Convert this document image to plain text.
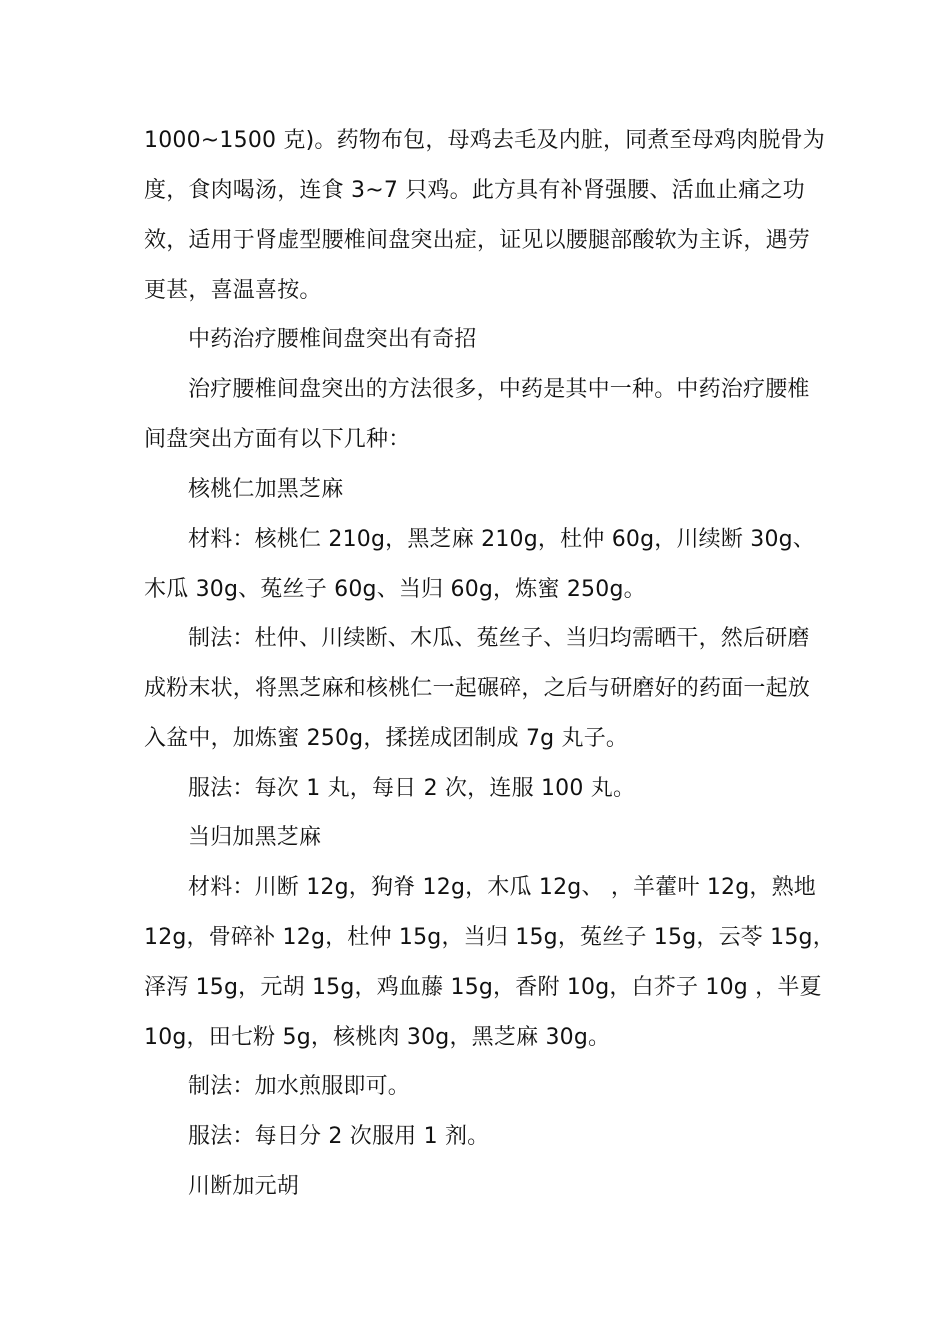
1000~1500 克)。药物布包，母鸡去毛及内脏，同煮至母鸡肉脱骨为
度，食肉喝汤，连食 3~7 只鸡。此方具有补肾强腰、活血止痛之功
效，适用于肾虚型腰椎间盘突出症，证见以腰腿部酸软为主诉，遇劳
更甚，喜温喜按。
中药治疗腰椎间盘突出有奇招
治疗腰椎间盘突出的方法很多，中药是其中一种。中药治疗腰椎
间盘突出方面有以下几种：
核桃仁加黑芝麻
材料：核桃仁 210g，黑芝麻 210g，杜仲 60g，川续断 30g、
木瓜 30g、菟丝子 60g、当归 60g，炼蜜 250g。
制法：杜仲、川续断、木瓜、菟丝子、当归均需晒干，然后研磨
成粉末状，将黑芝麻和核桃仁一起碾碎，之后与研磨好的药面一起放
入盆中，加炼蜜 250g，揉搓成团制成 7g 丸子。
服法：每次 1 丸，每日 2 次，连服 100 丸。
当归加黑芝麻
材料：川断 12g，狗脊 12g，木瓜 12g、 ，羊藿叶 12g，熟地
12g，骨碎补 12g，杜仲 15g，当归 15g，菟丝子 15g，云苓 15g，
泽泻 15g，元胡 15g，鸡血藤 15g，香附 10g，白芥子 10g ，半夏
10g，田七粉 5g，核桃肉 30g，黑芝麻 30g。
制法：加水煎服即可。
服法：每日分 2 次服用 1 剂。
川断加元胡
